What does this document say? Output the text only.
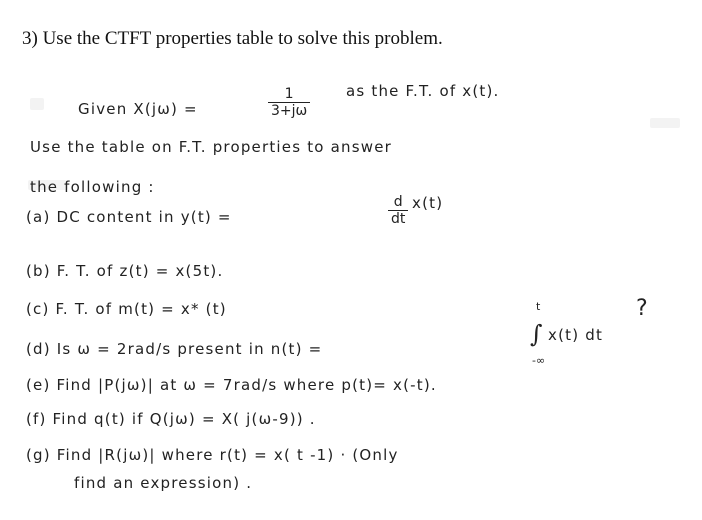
3) Use the CTFT properties table to solve this problem.
Given X(jω) =	$\frac{1}{3+j\omega}$ as the F.T. of x(t).
Use the table on F.T. properties to answer
the following :
(a) DC content in y(t) =	$\frac{d}{dt} x(t)$
(b) F. T. of z(t) = x(5t).
(c) F. T. of m(t) = x* (t)
(d) Is ω = 2rad/s present in n(t) =
t
∫
-∞
x(t) dt
?
(e) Find |P(jω)| at ω = 7rad/s where p(t)= x(-t).
(f) Find q(t) if Q(jω) = X( j(ω-9)) .
(g) Find |R(jω)| where r(t) = x( t -1) · (Only
find an expression) .
